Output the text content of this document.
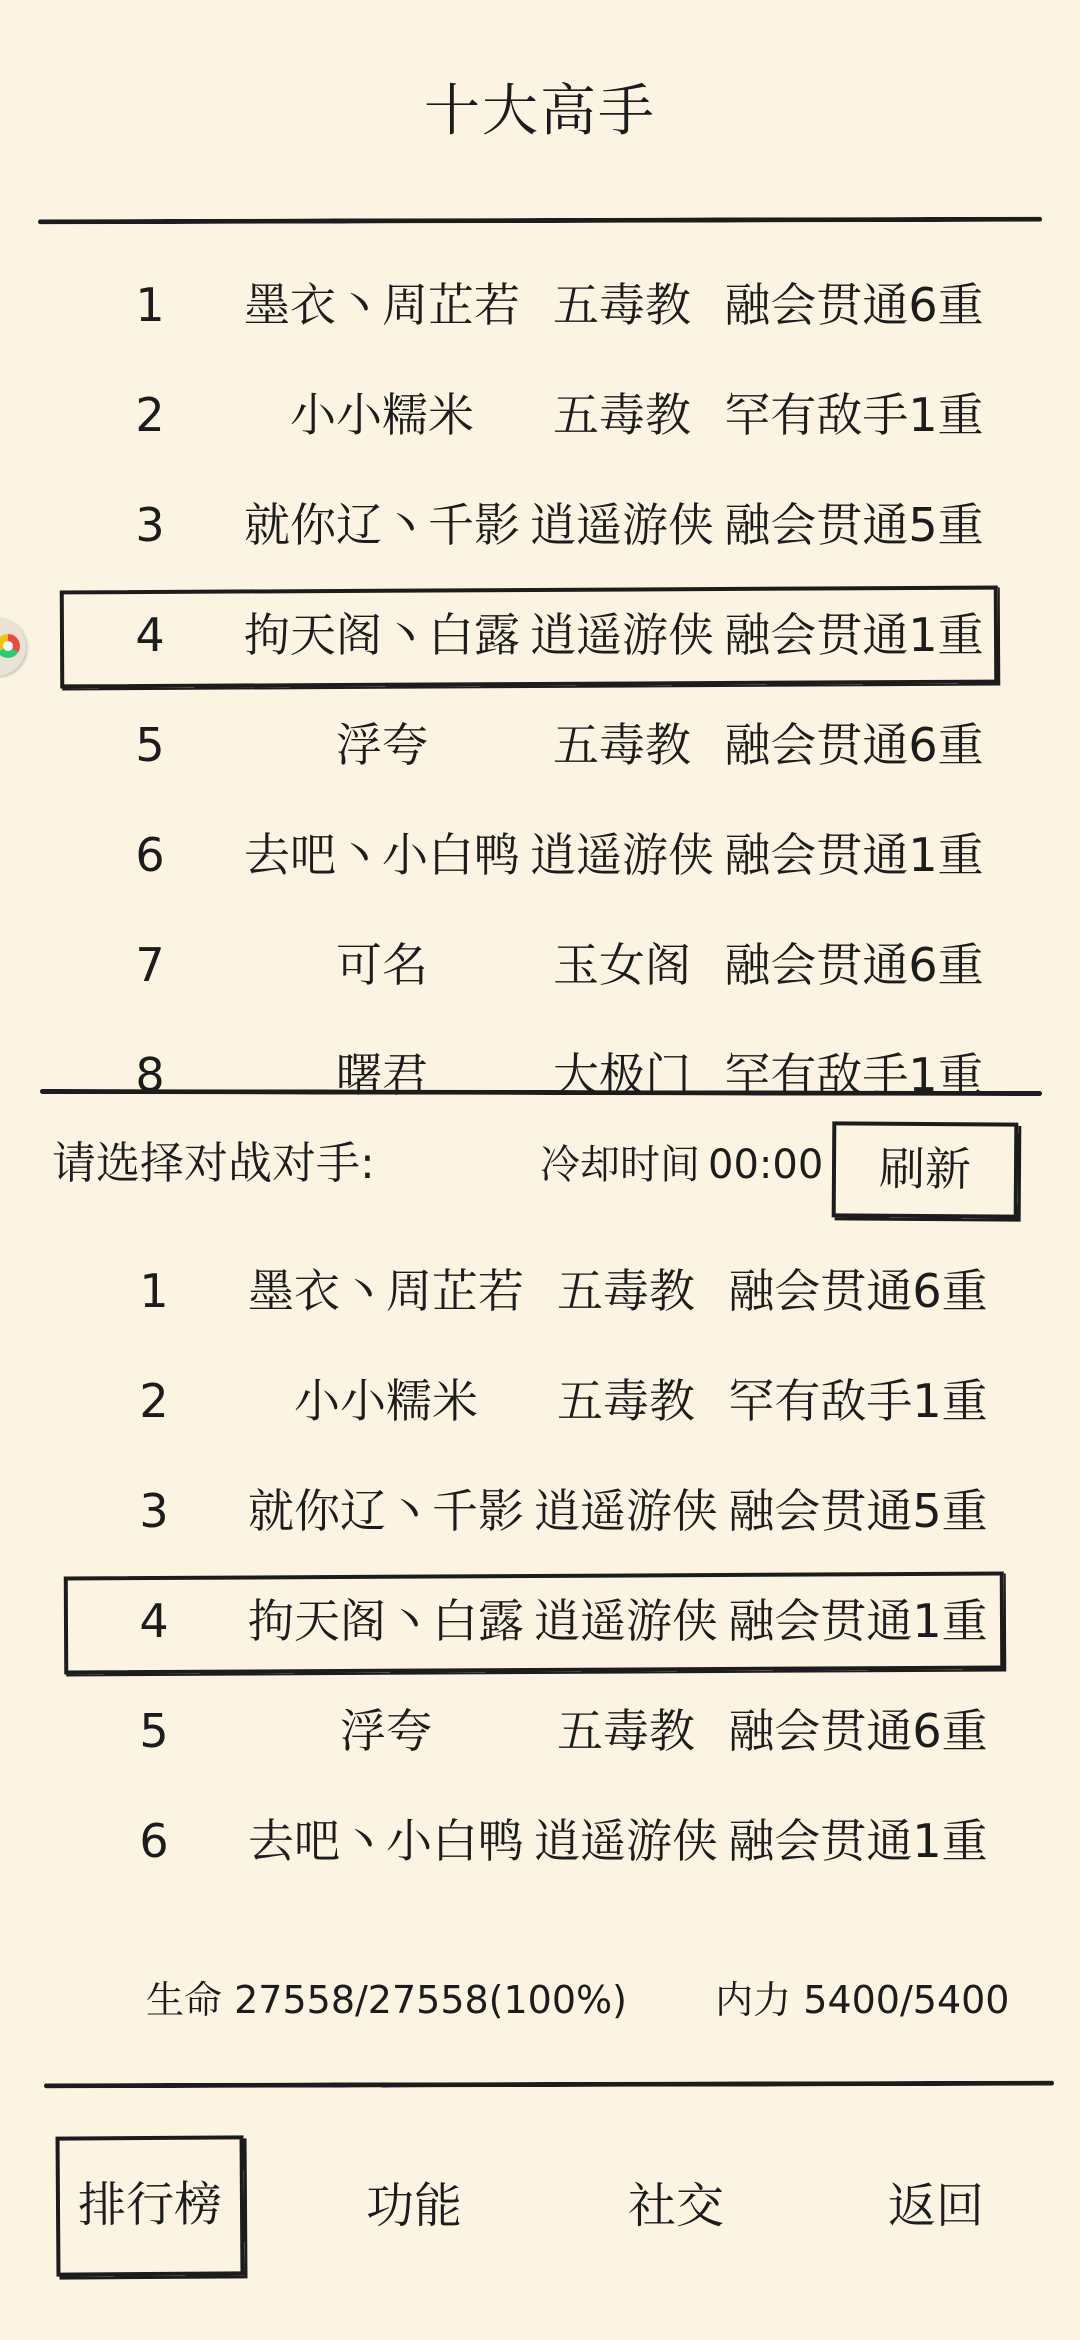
十大高手
1	墨衣丶周芷若 五毒教 融会贯通6重
2	小小糯米	五毒教 罕有敌手1重
3	就你辽丶千影 逍遥游侠 融会贯通5重
4	拘天阁丶白露 逍遥游侠 融会贯通1重
5	浮夸	五毒教 融会贯通6重
6	去吧丶小白鸭 逍遥游侠 融会贯通1重
7	可名	玉女阁 融会贯通6重
8	曙君	大极门 罕有敌手1重
请选择对战对手:	冷却时间 00:00	刷新
1	墨衣丶周芷若 五毒教 融会贯通6重
2	小小糯米	五毒教 罕有敌手1重
3	就你辽丶千影 逍遥游侠 融会贯通5重
4	拘天阁丶白露 逍遥游侠 融会贯通1重
5	浮夸	五毒教 融会贯通6重
6	去吧丶小白鸭 逍遥游侠 融会贯通1重
生命 27558/27558(100%) 内力 5400/5400
排行榜	功能	社交	返回
